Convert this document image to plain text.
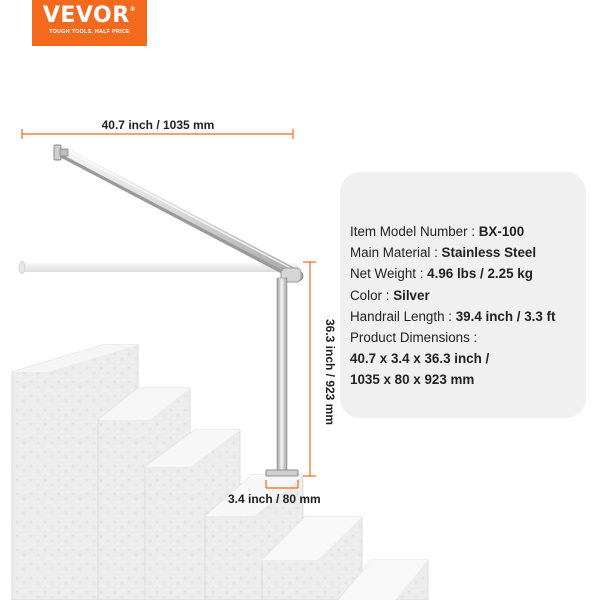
VEVOR®
TOUGH TOOLS, HALF PRICE
40.7 inch / 1035 mm
36.3 inch / 923 mm
3.4 inch / 80 mm
Item Model Number : BX-100
Main Material : Stainless Steel
Net Weight : 4.96 lbs / 2.25 kg
Color : Silver
Handrail Length : 39.4 inch / 3.3 ft
Product Dimensions :
40.7 x 3.4 x 36.3 inch /
1035 x 80 x 923 mm
